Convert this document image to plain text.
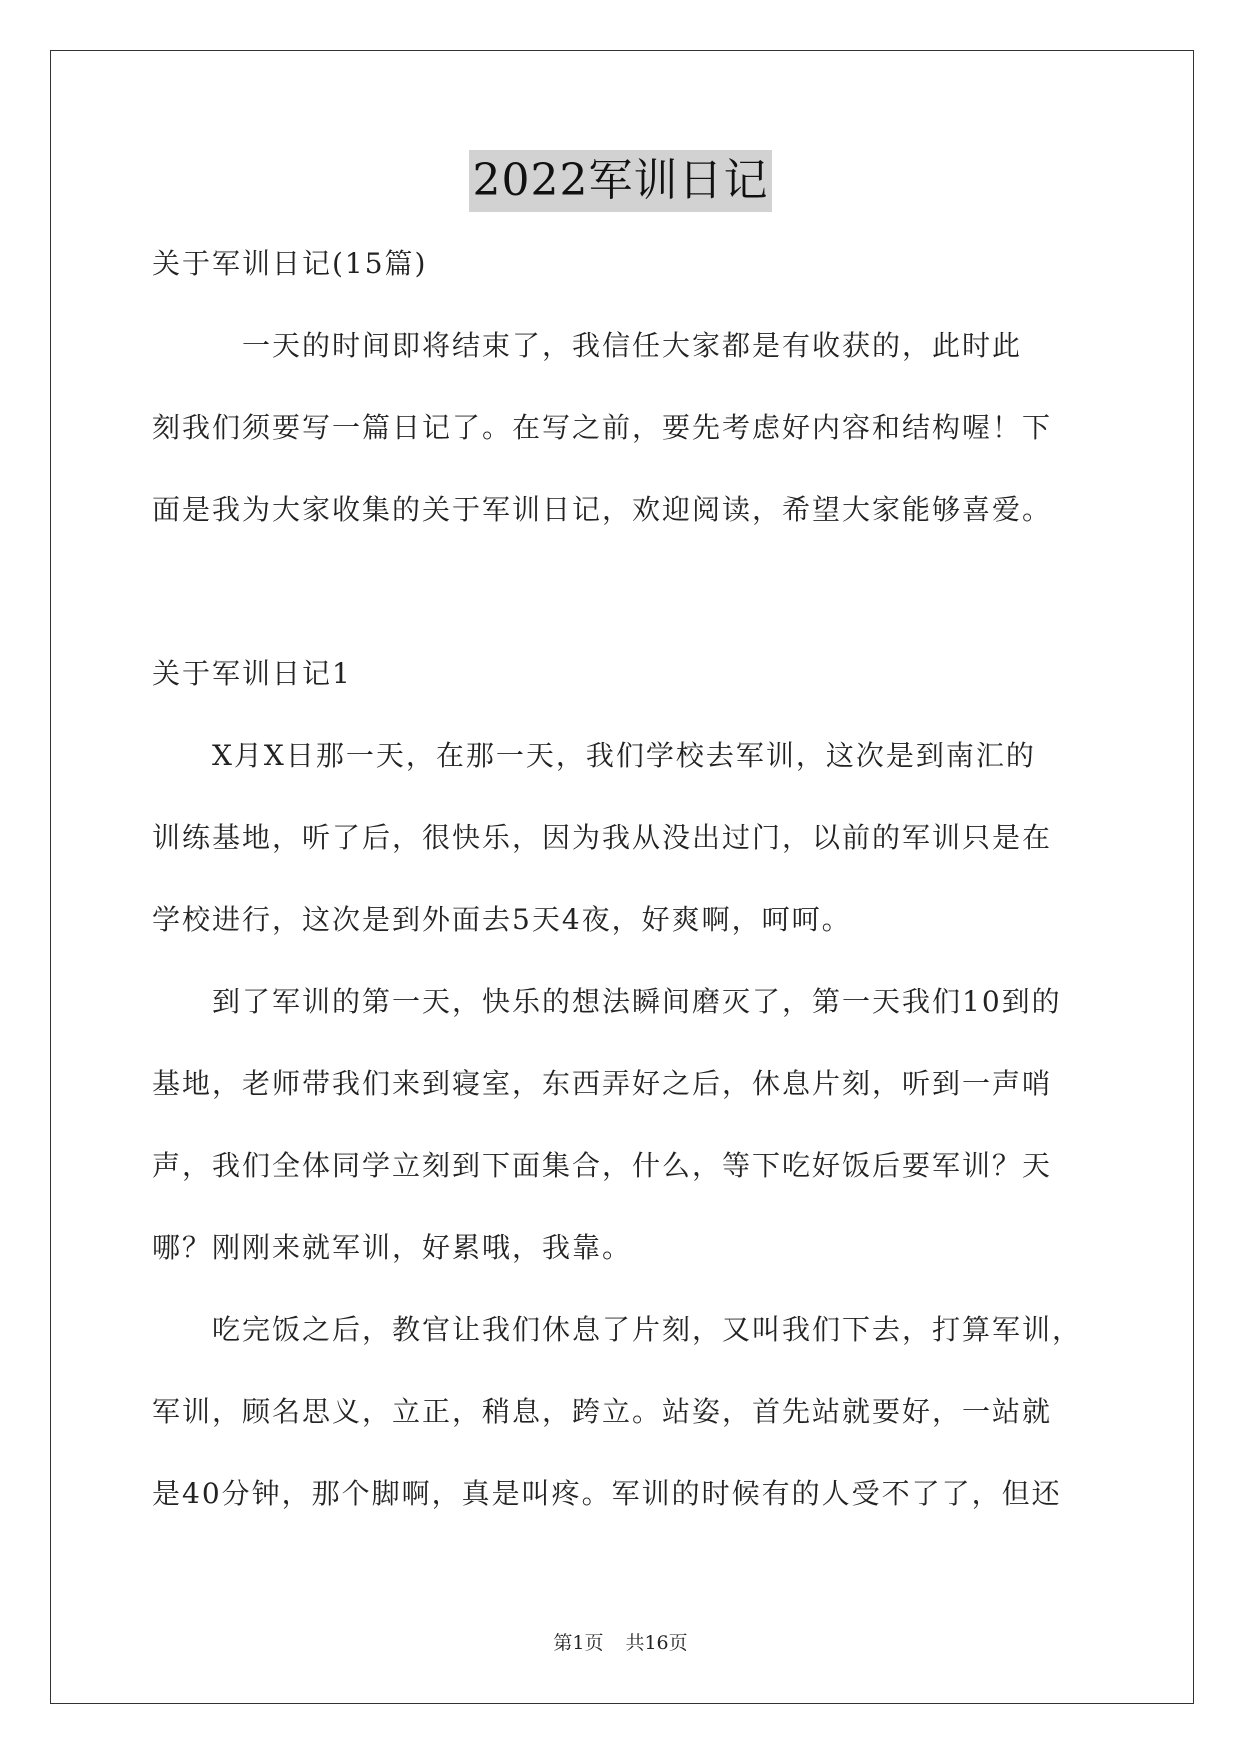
2022军训日记
关于军训日记(15篇)
　　　一天的时间即将结束了，我信任大家都是有收获的，此时此
刻我们须要写一篇日记了。在写之前，要先考虑好内容和结构喔！下
面是我为大家收集的关于军训日记，欢迎阅读，希望大家能够喜爱。
关于军训日记1
　　X月X日那一天，在那一天，我们学校去军训，这次是到南汇的
训练基地，听了后，很快乐，因为我从没出过门，以前的军训只是在
学校进行，这次是到外面去5天4夜，好爽啊，呵呵。
　　到了军训的第一天，快乐的想法瞬间磨灭了，第一天我们10到的
基地，老师带我们来到寝室，东西弄好之后，休息片刻，听到一声哨
声，我们全体同学立刻到下面集合，什么，等下吃好饭后要军训？天
哪？刚刚来就军训，好累哦，我靠。
　　吃完饭之后，教官让我们休息了片刻，又叫我们下去，打算军训，
军训，顾名思义，立正，稍息，跨立。站姿，首先站就要好，一站就
是40分钟，那个脚啊，真是叫疼。军训的时候有的人受不了了，但还
第1页 共16页
